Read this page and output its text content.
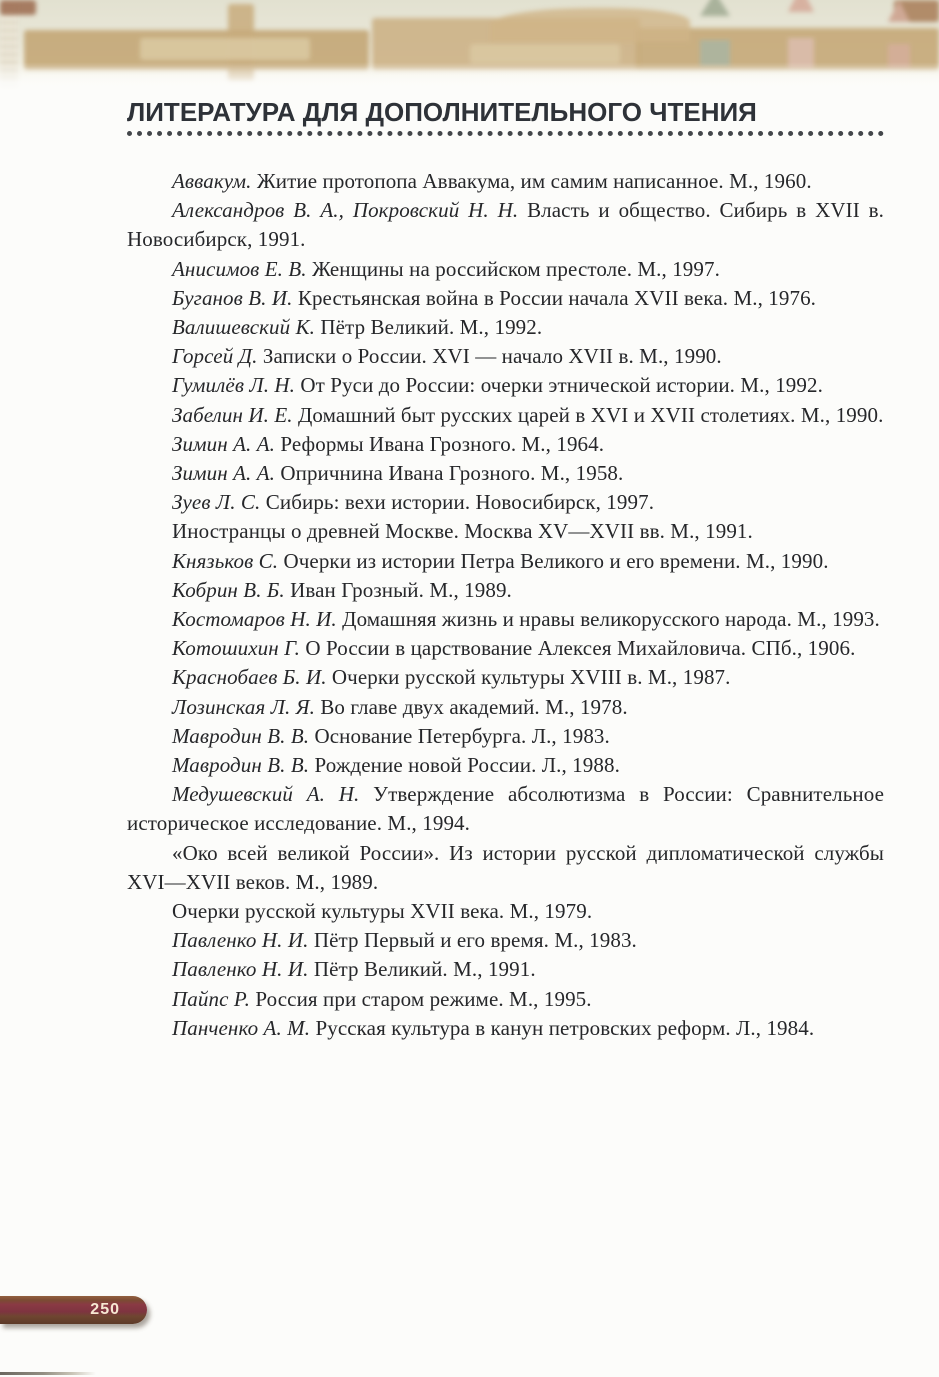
ЛИТЕРАТУРА ДЛЯ ДОПОЛНИТЕЛЬНОГО ЧТЕНИЯ

Аввакум. Житие протопопа Аввакума, им самим написанное. М., 1960.

Александров В. А., Покровский Н. Н. Власть и общество. Сибирь в XVII в. Новосибирск, 1991.

Анисимов Е. В. Женщины на российском престоле. М., 1997.

Буганов В. И. Крестьянская война в России начала XVII века. М., 1976.

Валишевский К. Пётр Великий. М., 1992.

Горсей Д. Записки о России. XVI — начало XVII в. М., 1990.

Гумилёв Л. Н. От Руси до России: очерки этнической истории. М., 1992.

Забелин И. Е. Домашний быт русских царей в XVI и XVII столетиях. М., 1990.

Зимин А. А. Реформы Ивана Грозного. М., 1964.

Зимин А. А. Опричнина Ивана Грозного. М., 1958.

Зуев Л. С. Сибирь: вехи истории. Новосибирск, 1997.

Иностранцы о древней Москве. Москва XV—XVII вв. М., 1991.

Князьков С. Очерки из истории Петра Великого и его времени. М., 1990.

Кобрин В. Б. Иван Грозный. М., 1989.

Костомаров Н. И. Домашняя жизнь и нравы великорусского народа. М., 1993.

Котошихин Г. О России в царствование Алексея Михайловича. СПб., 1906.

Краснобаев Б. И. Очерки русской культуры XVIII в. М., 1987.

Лозинская Л. Я. Во главе двух академий. М., 1978.

Мавродин В. В. Основание Петербурга. Л., 1983.

Мавродин В. В. Рождение новой России. Л., 1988.

Медушевский А. Н. Утверждение абсолютизма в России: Сравнительное историческое исследование. М., 1994.

«Око всей великой России». Из истории русской дипломатической службы XVI—XVII веков. М., 1989.

Очерки русской культуры XVII века. М., 1979.

Павленко Н. И. Пётр Первый и его время. М., 1983.

Павленко Н. И. Пётр Великий. М., 1991.

Пайпс Р. Россия при старом режиме. М., 1995.

Панченко А. М. Русская культура в канун петровских реформ. Л., 1984.

250
